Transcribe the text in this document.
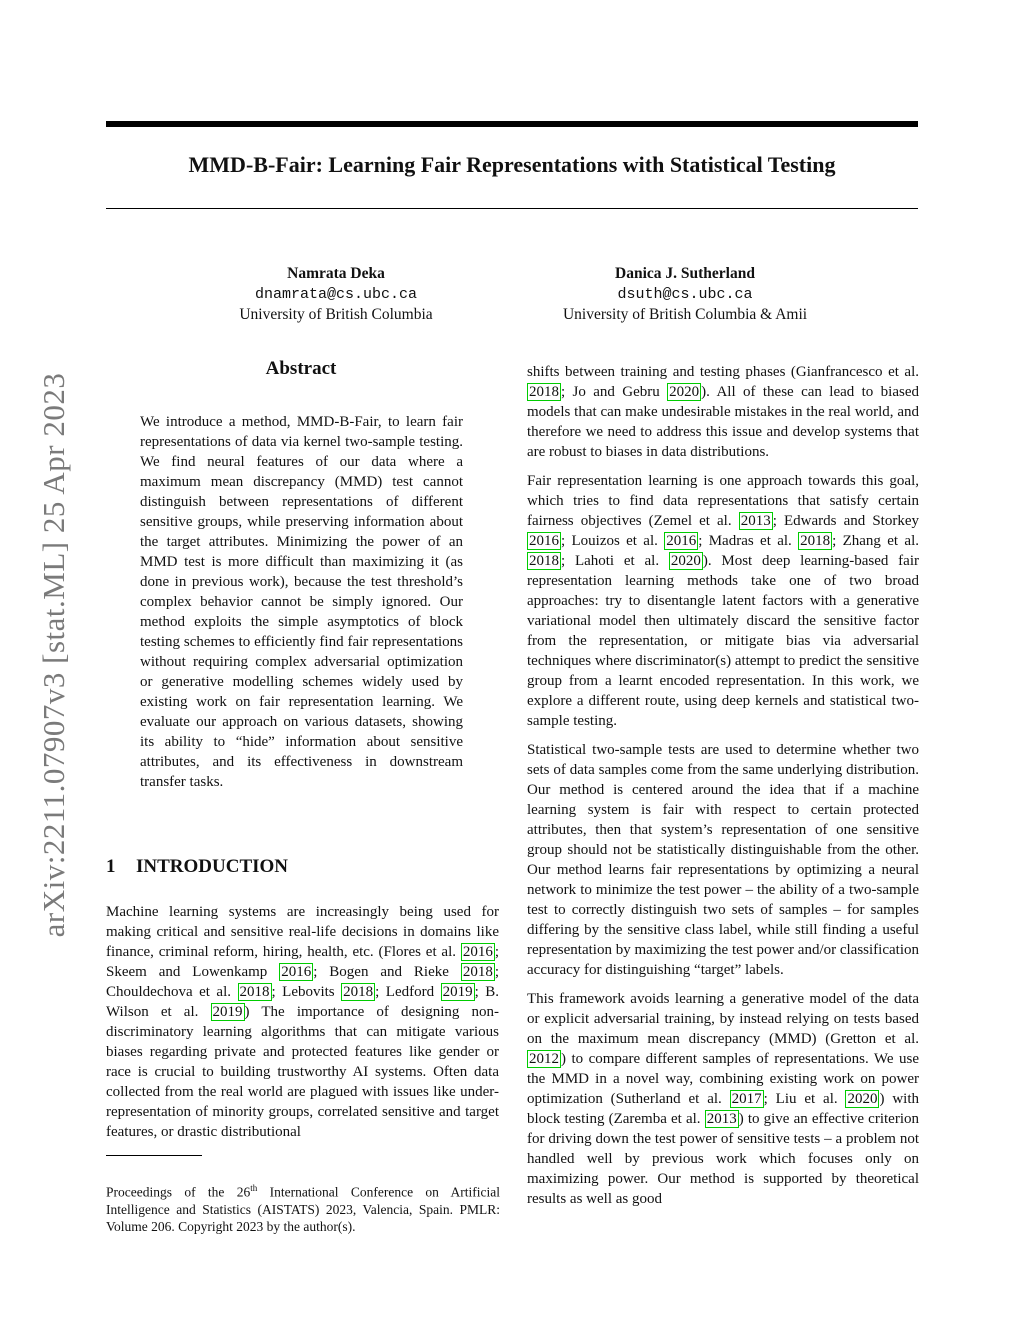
MMD-B-Fair: Learning Fair Representations with Statistical Testing
Namrata Deka
dnamrata@cs.ubc.ca
University of British Columbia
Danica J. Sutherland
dsuth@cs.ubc.ca
University of British Columbia & Amii
arXiv:2211.07907v3 [stat.ML] 25 Apr 2023
Abstract
We introduce a method, MMD-B-Fair, to learn fair representations of data via kernel two-sample testing. We find neural features of our data where a maximum mean discrepancy (MMD) test cannot distinguish between representations of different sensitive groups, while preserving information about the target attributes. Minimizing the power of an MMD test is more difficult than maximizing it (as done in previous work), because the test threshold’s complex behavior cannot be simply ignored. Our method exploits the simple asymptotics of block testing schemes to efficiently find fair representations without requiring complex adversarial optimization or generative modelling schemes widely used by existing work on fair representation learning. We evaluate our approach on various datasets, showing its ability to “hide” information about sensitive attributes, and its effectiveness in downstream transfer tasks.
1 INTRODUCTION
Machine learning systems are increasingly being used for making critical and sensitive real-life decisions in domains like finance, criminal reform, hiring, health, etc. (Flores et al. 2016 ; Skeem and Lowenkamp 2016 ; Bogen and Rieke 2018 ; Chouldechova et al. 2018 ; Lebovits 2018 ; Ledford 2019 ; B. Wilson et al. 2019 ) The importance of designing non-discriminatory learning algorithms that can mitigate various biases regarding private and protected features like gender or race is crucial to building trustworthy AI systems. Often data collected from the real world are plagued with issues like under-representation of minority groups, correlated sensitive and target features, or drastic distributional
Proceedings of the 26th International Conference on Artificial Intelligence and Statistics (AISTATS) 2023, Valencia, Spain. PMLR: Volume 206. Copyright 2023 by the author(s).

shifts between training and testing phases (Gianfrancesco et al. 2018 ; Jo and Gebru 2020 ). All of these can lead to biased models that can make undesirable mistakes in the real world, and therefore we need to address this issue and develop systems that are robust to biases in data distributions.

Fair representation learning is one approach towards this goal, which tries to find data representations that satisfy certain fairness objectives (Zemel et al. 2013 ; Edwards and Storkey 2016 ; Louizos et al. 2016 ; Madras et al. 2018 ; Zhang et al. 2018 ; Lahoti et al. 2020 ). Most deep learning-based fair representation learning methods take one of two broad approaches: try to disentangle latent factors with a generative variational model then ultimately discard the sensitive factor from the representation, or mitigate bias via adversarial techniques where discriminator(s) attempt to predict the sensitive group from a learnt encoded representation. In this work, we explore a different route, using deep kernels and statistical two-sample testing.

Statistical two-sample tests are used to determine whether two sets of data samples come from the same underlying distribution. Our method is centered around the idea that if a machine learning system is fair with respect to certain protected attributes, then that system’s representation of one sensitive group should not be statistically distinguishable from the other. Our method learns fair representations by optimizing a neural network to minimize the test power – the ability of a two-sample test to correctly distinguish two sets of samples – for samples differing by the sensitive class label, while still finding a useful representation by maximizing the test power and/or classification accuracy for distinguishing “target” labels.

This framework avoids learning a generative model of the data or explicit adversarial training, by instead relying on tests based on the maximum mean discrepancy (MMD) (Gretton et al. 2012 ) to compare different samples of representations. We use the MMD in a novel way, combining existing work on power optimization (Sutherland et al. 2017 ; Liu et al. 2020 ) with block testing (Zaremba et al. 2013 ) to give an effective criterion for driving down the test power of sensitive tests – a problem not handled well by previous work which focuses only on maximizing power. Our method is supported by theoretical results as well as good
